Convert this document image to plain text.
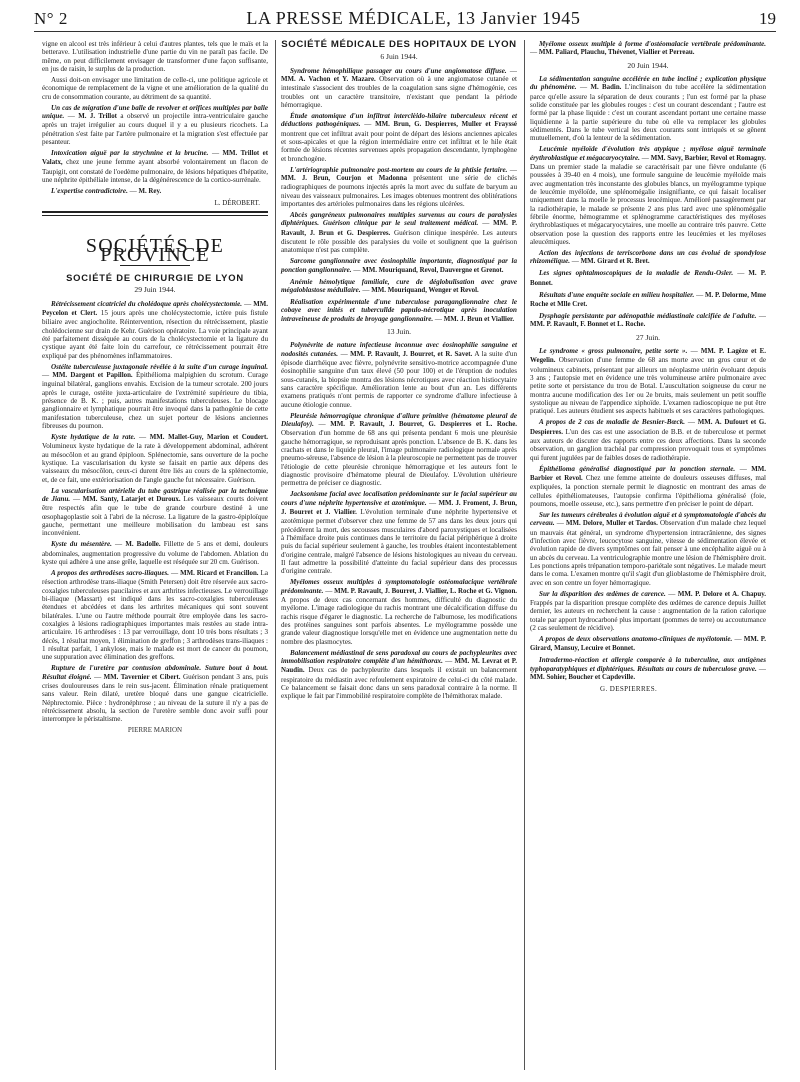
N° 2	LA PRESSE MÉDICALE, 13 Janvier 1945	19

vigne en alcool est très inférieur à celui d'autres plantes, tels que le maïs et la betterave. L'utilisation industrielle d'une partie du vin ne paraît pas facile. De même, on peut difficilement envisager de transformer d'une façon suffisante, en jus de raisin, le surplus de la production.

Aussi doit-on envisager une limitation de celle-ci, une politique agricole et économique de remplacement de la vigne et une amélioration de la qualité du cru de consommation courante, au détriment de sa quantité.

Un cas de migration d'une balle de revolver et orifices multiples par balle unique. — M. J. Trillot a observé un projectile intra-ventriculaire gauche après un trajet irrégulier au cours duquel il y a eu plusieurs ricochets. La pénétration s'est faite par l'artère pulmonaire et la migration s'est effectuée par pesanteur.

Intoxication aiguë par la strychnine et la brucine. — MM. Trillot et Valatx, chez une jeune femme ayant absorbé volontairement un flacon de Taupigit, ont constaté de l'oedème pulmonaire, de lésions hépatiques d'hépatite, une néphrite épithéliale intense, de la dégénérescence de la cortico-surrénale.

L'expertise contradictoire. — M. Rey.

L. DÉROBERT.
SOCIÉTÉS DE PROVINCE
SOCIÉTÉ DE CHIRURGIE DE LYON
29 Juin 1944.

Rétrécissement cicatriciel du cholédoque après cholécystectomie. — MM. Peycelon et Clert. 15 jours après une cholécystectomie, ictère puis fistule biliaire avec angiocholite. Réintervention, résection du rétrécissement, plastie cholédocienne sur drain de Kehr. Guérison opératoire. La voie principale ayant été parfaitement disséquée au cours de la cholécystectomie et la ligature du cystique ayant été faite loin du carrefour, ce rétrécissement pourrait être expliqué par des phénomènes inflammatoires.

Ostéite tuberculeuse juxtagonale révélée à la suite d'un curage inguinal. — MM. Dargent et Papillon. Épithélioma malpighien du scrotum. Curage inguinal bilatéral, ganglions envahis. Excision de la tumeur scrotale. 200 jours après le curage, ostéite juxta-articulaire de l'extrémité supérieure du tibia, présence de B. K. ; puis, autres manifestations tuberculeuses. Le blocage ganglionnaire et lymphatique pourrait être invoqué dans la pathogénie de cette manifestation tuberculeuse, chez un sujet porteur de lésions anciennes fibreuses du poumon.

Kyste hydatique de la rate. — MM. Mallet-Guy, Marion et Coudert. Volumineux kyste hydatique de la rate à développement abdominal, adhérent au mésocôlon et au grand épiploon. Splénectomie, sans ouverture de la poche kystique. La vascularisation du kyste se faisait en partie aux dépens des vaisseaux du mésocôlon, ceux-ci durent être liés au cours de la splénectomie, et, de ce fait, une extériorisation de l'angle gauche fut nécessaire. Guérison.

La vascularisation artérielle du tube gastrique réalisée par la technique de Jianu. — MM. Santy, Latarjet et Duroux. Les vaisseaux courts doivent être respectés afin que le tube de grande courbure destiné à une œsophagoplastie soit à l'abri de la nécrose. La ligature de la gastro-épiploïque gauche, permettant une meilleure mobilisation du lambeau est sans inconvénient.

Kyste du mésentère. — M. Badolle. Fillette de 5 ans et demi, douleurs abdominales, augmentation progressive du volume de l'abdomen. Ablation du kyste qui adhère à une anse grêle, laquelle est réséquée sur 20 cm. Guérison.

A propos des arthrodèses sacro-iliaques. — MM. Ricard et Francillon. La résection arthrodèse trans-iliaque (Smith Petersen) doit être réservée aux sacro-coxalgies tuberculeuses paucilaires et aux arthrites infectieuses. Le verrouillage bi-iliaque (Massart) est indiqué dans les sacro-coxalgies tuberculeuses étendues et abcédées et dans les arthrites mécaniques qui sont souvent bilatérales. L'une ou l'autre méthode pourrait être employée dans les sacro-coxalgies à lésions radiographiques importantes mais restées au stade intra-articulaire. 16 arthrodèses : 13 par verrouillage, dont 10 très bons résultats ; 3 décès, 1 résultat moyen, 1 élimination de greffon ; 3 arthrodèses trans-iliaques : 1 résultat parfait, 1 ankylose, mais le malade est mort de cancer du poumon, une suppuration avec élimination des greffons.

Rupture de l'uretère par contusion abdominale. Suture bout à bout. Résultat éloigné. — MM. Tavernier et Cibert. Guérison pendant 3 ans, puis crises douloureuses dans le rein sus-jacent. Élimination rénale pratiquement sans valeur. Rein dilaté, uretère bloqué dans une gangue cicatricielle. Néphrectomie. Pièce : hydronéphrose ; au niveau de la suture il n'y a pas de rétrécissement absolu, la section de l'uretère semble donc avoir suffi pour interrompre le péristaltisme.

PIERRE MARION
SOCIÉTÉ MÉDICALE DES HOPITAUX DE LYON
6 Juin 1944.

Syndrome hémophilique passager au cours d'une angiomatose diffuse. — MM. A. Vachon et Y. Mazare. Observation où à une angiomatose cutanée et intestinale s'associent des troubles de la coagulation sans signe d'hémogénie, ces troubles ont un caractère transitoire, n'existant que pendant la période hémorragique.

Étude anatomique d'un infiltrat interclèido-hilaire tuberculeux récent et déductions pathogéniques. — MM. Brun, G. Despierres, Muller et Frayssé montrent que cet infiltrat avait pour point de départ des lésions anciennes apicales et sous-apicales et que la région intermédiaire entre cet infiltrat et le hile était formée de lésions récentes survenues après propagation descendante, lymphogène et bronchogène.

L'artériographie pulmonaire post-mortem au cours de la phtisie fertaire. — MM. J. Brun, Courjon et Madonna présentent une série de clichés radiographiques de poumons injectés après la mort avec du sulfate de baryum au niveau des vaisseaux pulmonaires. Les images obtenues montrent des oblitérations importantes des artérioles pulmonaires dans les régions ulcérées.

Abcès gangréneux pulmonaires multiples survenus au cours de paralysies diphtériques. Guérison clinique par le seul traitement médical. — MM. P. Ravault, J. Brun et G. Despierres. Guérison clinique inespérée. Les auteurs discutent le rôle possible des paralysies du voile et soulignent que la guérison anatomique n'est pas complète.

Sarcome ganglionnaire avec éosinophilie importante, diagnostiqué par la ponction ganglionnaire. — MM. Mouriquand, Revol, Dauvergne et Grenot.

Anémie hémolytique familiale, cure de déglobulisation avec grave mégaloblastose médullaire. — MM. Mouriquand, Wenger et Revol.

Réalisation expérimentale d'une tuberculose paraganglionnaire chez le cobaye avec inités et tubercullde papulo-nécrotique après inoculation intraveineuse de produits de broyage ganglionnaire. — MM. J. Brun et Viallier.

13 Juin.

Polynévrite de nature infectieuse inconnue avec éosinophilie sanguine et nodosités cutanées. — MM. P. Ravault, J. Bourret, et R. Savet. A la suite d'un épisode diarrhéique avec fièvre, polynévrite sensitivo-motrice accompagnée d'une éosinophilie sanguine d'un taux élevé (50 pour 100) et de l'éruption de nodules sous-cutanés, la biopsie montra des lésions nécrotiques avec réaction histiocytaire sans caractère spécifique. Amélioration lente au bout d'un an. Les différents examens pratiqués n'ont permis de rapporter ce syndrome d'allure infectieuse à aucune étiologie connue.

Pleurésie hémorragique chronique d'allure primitive (hématome pleural de Dieulafoy). — MM. P. Ravault, J. Bourret, G. Despierres et L. Roche. Observation d'un homme de 68 ans qui présenta pendant 6 mois une pleurésie gauche hémorragique, se reproduisant après ponction. L'absence de B. K. dans les crachats et dans le liquide pleural, l'image pulmonaire radiologique normale après pneumo-séreuse, l'absence de lésion à la pleuroscopie ne permettent pas de trouver l'étiologie de cette pleurésie chronique hémorragique et les auteurs font le diagnostic provisoire d'hématome pleural de Dieulafoy. L'évolution ultérieure permettra de préciser ce diagnostic.

Jacksonisme facial avec localisation prédominante sur le facial supérieur au cours d'une néphrite hypertensive et azotémique. — MM. J. Froment, J. Brun, J. Bourret et J. Viallier. L'évolution terminale d'une néphrite hypertensive et azotémique permet d'observer chez une femme de 57 ans dans les deux jours qui précédèrent la mort, des secousses musculaires d'abord paroxystiques et localisées à l'hémiface droite puis continues dans le territoire du facial périphérique à droite puis du facial supérieur seulement à gauche, les troubles étaient incontestablement d'origine centrale, malgré l'absence de lésions histologiques au niveau du cerveau. Il faut admettre la possibilité d'atteinte du facial supérieur dans des processus d'origine centrale.

Myélomes osseux multiples à symptomatologie ostéomalacique vertébrale prédominante. — MM. P. Ravault, J. Bourret, J. Viallier, L. Roche et G. Vignon. A propos de deux cas concernant des hommes, difficulté du diagnostic du myélome. L'image radiologique du rachis montrant une décalcification diffuse du rachis risque d'égarer le diagnostic. La recherche de l'albumose, les modifications des protéines sanguines sont parfois absentes. Le myélogramme possède une grande valeur diagnostique lorsqu'elle met en évidence une augmentation nette du nombre des plasmocytes.

Balancement médiastinal de sens paradoxal au cours de pachypleurites avec immobilisation respiratoire complète d'un hémithorax. — MM. M. Levrat et P. Naudin. Deux cas de pachypleurite dans lesquels il existait un balancement respiratoire du médiastin avec refoulement expiratoire de celui-ci du côté malade. Ce balancement se faisait donc dans un sens paradoxal contraire à la norme. Il explique le fait par l'immobilité respiratoire complète de l'hémithorax malade.

Myélome osseux multiple à forme d'ostéomalacie vertébrale prédominante. — MM. Paliard, Plauchu, Thévenet, Viallier et Perreau.

20 Juin 1944.

La sédimentation sanguine accélérée en tube incliné ; explication physique du phénomène. — M. Badin. L'inclinaison du tube accélère la sédimentation parce qu'elle assure la séparation de deux courants ; l'un est formé par la phase solide constituée par les globules rouges : c'est un courant descendant ; l'autre est formé par la phase liquide : c'est un courant ascendant portant une certaine masse liquidienne à la partie supérieure du tube où elle va remplacer les globules sédimentés. Dans le tube vertical les deux courants sont intriqués et se gênent mutuellement, d'où la lenteur de la sédimentation.

Leucémie myéloïde d'évolution très atypique ; myélose aiguë terminale érythroblastique et mégacaryocytaire. — MM. Savy, Barbier, Revol et Romagny. Dans un premier stade la maladie se caractérisait par une fièvre ondulante (6 poussées à 39-40 en 4 mois), une formule sanguine de leucémie myéloïde mais avec augmentation très inconstante des globules blancs, un myélogramme typique de leucémie myéloïde, une splénomégalie insignifiante, ce qui faisait localiser uniquement dans la moelle le processus leucémique. Amélioré passagèrement par la radiothérapie, le malade se présente 2 ans plus tard avec une splénomégalie fébrile énorme, hémogramme et splénogramme caractéristiques des myéloses érythroblastiques et mégacaryocytaires, une moelle au contraire très pauvre. Cette observation pose la question des rapports entre les leucémies et les myéloses aleucémiques.

Action des injections de terriscorbone dans un cas évolué de spondylose rhizomélique. — MM. Girard et R. Bret.

Les signes ophtalmoscopiques de la maladie de Rendu-Osler. — M. P. Bonnet.

Résultats d'une enquête sociale en milieu hospitalier. — M. P. Delorme, Mme Roche et Mlle Cret.

Dysphagie persistante par adénopathie médiastinale calcifiée de l'adulte. — MM. P. Ravault, F. Bonnet et L. Roche.

27 Juin.

Le syndrome « gross pulmonaire, petite sorte ». — MM. P. Lagèze et E. Wegelin. Observation d'une femme de 68 ans morte avec un gros cœur et de volumineux cabinets, présentant par ailleurs un néoplasme utérin évoluant depuis 3 ans ; l'autopsie met en évidence une très volumineuse artère pulmonaire avec petite sorte et persistance du trou de Botal. L'auscultation soigneuse du cœur ne montra aucune modification des 1er ou 2e bruits, mais seulement un petit souffle systolique au niveau de l'appendice xiphoïde. L'examen radioscopique ne put être pratiqué. Les auteurs étudient ses aspects habituels et ses caractères pathologiques.

A propos de 2 cas de maladie de Besnier-Bœck. — MM. A. Dufourt et G. Despierres. L'un des cas est une association de B.B. et de tuberculose et permet aux auteurs de discuter des rapports entre ces deux affections. Dans la seconde observation, un ganglion trachéal par compression provoquait tous et symptômes qui furent jugulées par de faibles doses de radiothérapie.

Épithélioma généralisé diagnostiqué par la ponction sternale. — MM. Barbier et Revol. Chez une femme atteinte de douleurs osseuses diffuses, mal expliquées, la ponction sternale permit le diagnostic en montrant des amas de cellules épithéliomateuses, l'autopsie confirma l'épithélioma généralisé (foie, poumons, moelle osseuse, etc.), sans permettre d'en préciser le point de départ.

Sur les tumeurs cérébrales à évolution aiguë et à symptomatologie d'abcès du cerveau. — MM. Delore, Muller et Tardos. Observation d'un malade chez lequel un mauvais état général, un syndrome d'hypertension intracrânienne, des signes d'infection avec fièvre, leucocytose sanguine, vitesse de sédimentation élevée et évolution rapide de divers symptômes ont fait penser à une encéphalite aiguë ou à un abcès du cerveau. La ventriculographie montre une lésion de l'hémisphère droit. Les ponctions après trépanation temporo-pariétale sont négatives. Le malade meurt dans le coma. L'examen montre qu'il s'agit d'un glioblastome de l'hémisphère droit, avec en son centre un foyer hémorragique.

Sur la disparition des œdèmes de carence. — MM. P. Delore et A. Chapuy. Frappés par la disparition presque complète des œdèmes de carence depuis Juillet dernier, les auteurs en recherchent la cause : augmentation de la ration calorique totale par apport hydrocarboné plus important (pommes de terre) ou accoutumance (2 cas seulement de récidive).

A propos de deux observations anatomo-cliniques de myélotomie. — MM. P. Girard, Mansuy, Lecuire et Bonnet.

Intradermo-réaction et allergie comparée à la tuberculine, aux antigènes typhoparatyphiques et diphtériques. Résultats au cours de tuberculose grave. — MM. Sohier, Boucher et Capdeville.

G. DESPIERRES.
